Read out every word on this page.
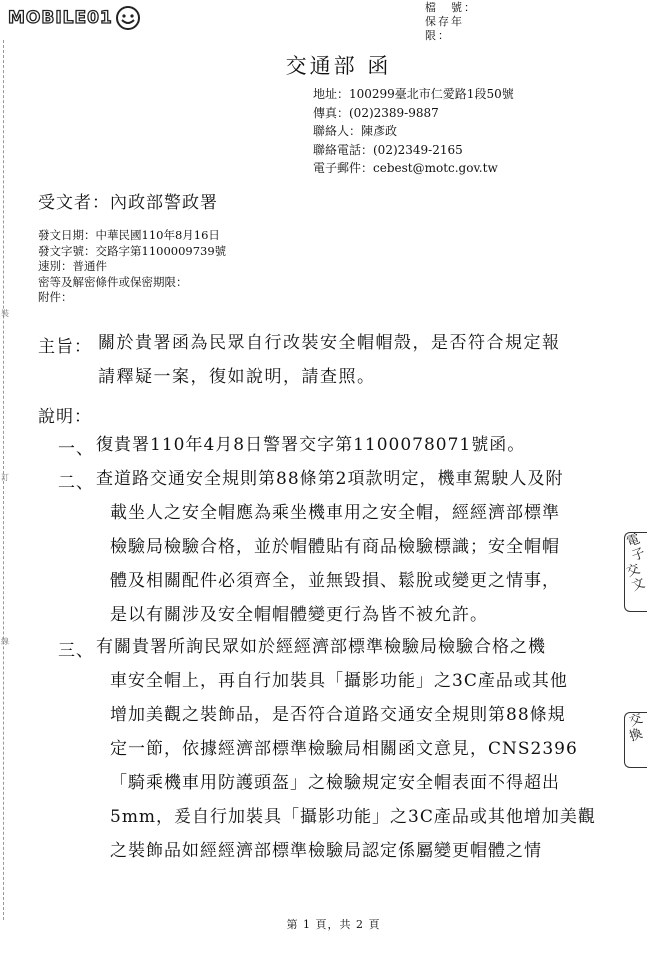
MOBILE01
檔　號：
保存年限：
裝
訂
線
交通部 函
地址：100299臺北市仁愛路1段50號
傳真：(02)2389-9887
聯絡人：陳彥政
聯絡電話：(02)2349-2165
電子郵件：cebest@motc.gov.tw
受文者：內政部警政署
發文日期：中華民國110年8月16日
發文字號：交路字第1100009739號
速別：普通件
密等及解密條件或保密期限：
附件：
主旨： 關於貴署函為民眾自行改裝安全帽帽殼，是否符合規定報
請釋疑一案，復如說明，請查照。
說明：
一、 復貴署110年4月8日警署交字第1100078071號函。
二、 查道路交通安全規則第88條第2項款明定，機車駕駛人及附
載坐人之安全帽應為乘坐機車用之安全帽，經經濟部標準
檢驗局檢驗合格，並於帽體貼有商品檢驗標識；安全帽帽
體及相關配件必須齊全，並無毀損、鬆脫或變更之情事，
是以有關涉及安全帽帽體變更行為皆不被允許。
三、 有關貴署所詢民眾如於經經濟部標準檢驗局檢驗合格之機
車安全帽上，再自行加裝具「攝影功能」之3C產品或其他
增加美觀之裝飾品，是否符合道路交通安全規則第88條規
定一節，依據經濟部標準檢驗局相關函文意見，CNS2396
「騎乘機車用防護頭盔」之檢驗規定安全帽表面不得超出
5mm，爰自行加裝具「攝影功能」之3C產品或其他增加美觀
之裝飾品如經經濟部標準檢驗局認定係屬變更帽體之情
電子
交文
交
換
第 1 頁，共 2 頁
